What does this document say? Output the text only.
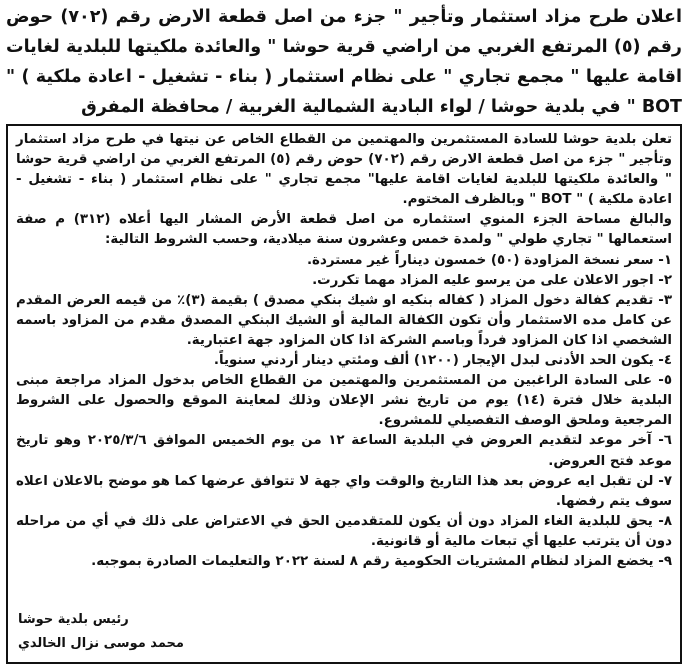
اعلان طرح مزاد استثمار وتأجير " جزء من اصل قطعة الارض رقم (٧٠٢) حوض رقم (٥) المرتفع الغربي من اراضي قرية حوشا " والعائدة ملكيتها للبلدية لغايات اقامة عليها " مجمع تجاري " على نظام استثمار ( بناء - تشغيل - اعادة ملكية ) " BOT " في بلدية حوشا / لواء البادية الشمالية الغربية / محافظة المفرق

تعلن بلدية حوشا للسادة المستثمرين والمهتمين من القطاع الخاص عن نيتها في طرح مزاد استثمار وتأجير " جزء من اصل قطعة الارض رقم (٧٠٢) حوض رقم (٥) المرتفع الغربي من اراضي قرية حوشا " والعائدة ملكيتها للبلدية لغايات اقامة عليها" مجمع تجاري " على نظام استثمار ( بناء - تشغيل - اعادة ملكية ) " BOT " وبالظرف المختوم.

والبالغ مساحة الجزء المنوي استثماره من اصل قطعة الأرض المشار اليها أعلاه (٣١٢) م صفة استعمالها " تجاري طولي " ولمدة خمس وعشرون سنة ميلادية، وحسب الشروط التالية:

١- سعر نسخة المزاودة (٥٠) خمسون ديناراً غير مستردة.

٢- اجور الاعلان على من يرسو عليه المزاد مهما تكررت.

٣- تقديم كفالة دخول المزاد ( كفاله بنكيه او شيك بنكي مصدق ) بقيمة (٣)٪ من قيمه العرض المقدم عن كامل مده الاستثمار وأن تكون الكفالة المالية أو الشيك البنكي المصدق مقدم من المزاود باسمه الشخصي اذا كان المزاود فرداً وباسم الشركة اذا كان المزاود جهة اعتبارية.

٤- يكون الحد الأدنى لبدل الإيجار (١٢٠٠) ألف ومئتي دينار أردني سنوياً.

٥- على السادة الراغبين من المستثمرين والمهتمين من القطاع الخاص بدخول المزاد مراجعة مبنى البلدية خلال فترة (١٤) يوم من تاريخ نشر الإعلان وذلك لمعاينة الموقع والحصول على الشروط المرجعية وملحق الوصف التفصيلي للمشروع.

٦- آخر موعد لتقديم العروض في البلدية الساعة ١٢ من يوم الخميس الموافق ٢٠٢٥/٣/٦ وهو تاريخ موعد فتح العروض.

٧- لن تقبل ايه عروض بعد هذا التاريخ والوقت واي جهة لا تتوافق عرضها كما هو موضح بالاعلان اعلاه سوف يتم رفضها.

٨- يحق للبلدية الغاء المزاد دون أن يكون للمتقدمين الحق في الاعتراض على ذلك في أي من مراحله دون أن يترتب عليها أي تبعات مالية أو قانونية.

٩- يخضع المزاد لنظام المشتريات الحكومية رقم ٨ لسنة ٢٠٢٢ والتعليمات الصادرة بموجبه.

رئيس بلدية حوشا
محمد موسى نزال الخالدي
